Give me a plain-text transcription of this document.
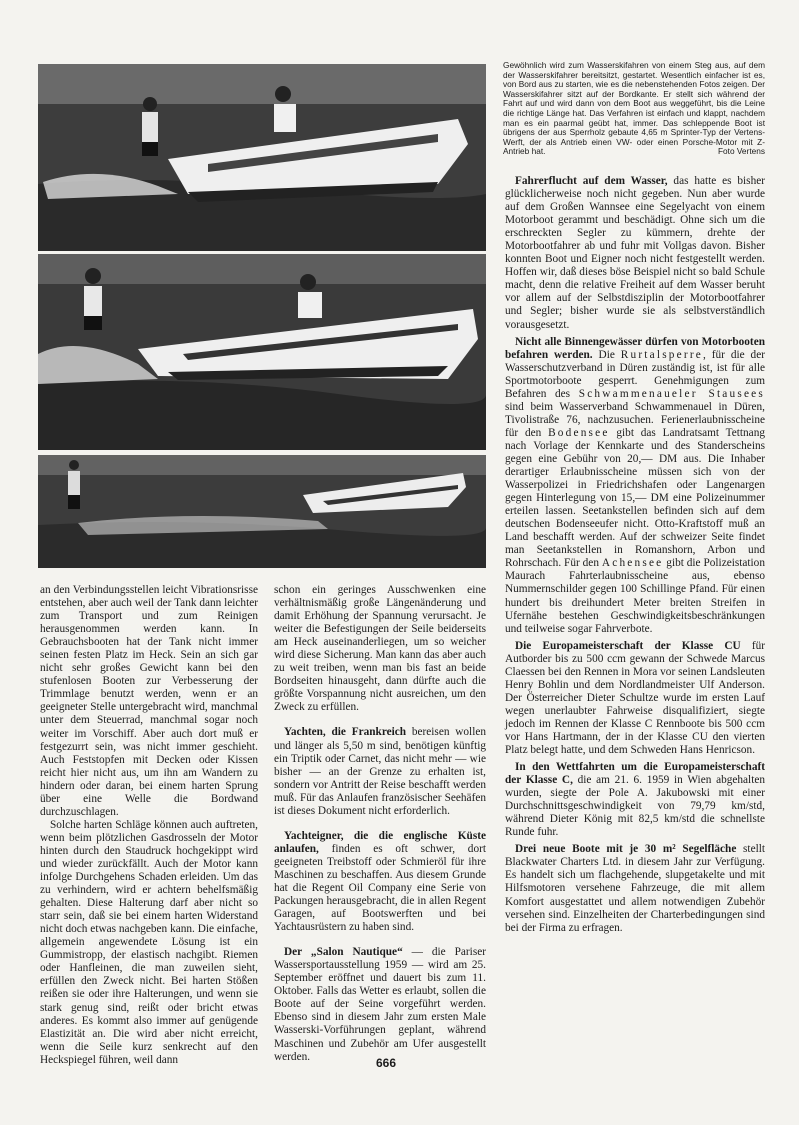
Gewöhnlich wird zum Wasserskifahren von einem Steg aus, auf dem der Wasserskifahrer bereitsitzt, gestartet. Wesentlich einfacher ist es, von Bord aus zu starten, wie es die nebenstehenden Fotos zeigen. Der Wasserskifahrer sitzt auf der Bordkante. Er stellt sich während der Fahrt auf und wird dann von dem Boot aus weggeführt, bis die Leine die richtige Länge hat. Das Verfahren ist einfach und klappt, nachdem man es ein paarmal geübt hat, immer. Das schleppende Boot ist übrigens der aus Sperrholz gebaute 4,65 m Sprinter-Typ der Vertens-Werft, der als Antrieb einen VW- oder einen Porsche-Motor mit Z-Antrieb hat.	Foto Vertens

an den Verbindungsstellen leicht Vibrationsrisse entstehen, aber auch weil der Tank dann leichter zum Transport und zum Reinigen herausgenommen werden kann. In Gebrauchsbooten hat der Tank nicht immer seinen festen Platz im Heck. Sein an sich gar nicht sehr großes Gewicht kann bei den stufenlosen Booten zur Verbesserung der Trimmlage benutzt werden, wenn er an geeigneter Stelle untergebracht wird, manchmal unter dem Steuerrad, manchmal sogar noch weiter im Vorschiff. Aber auch dort muß er festgezurrt sein, was nicht immer geschieht. Auch Feststopfen mit Decken oder Kissen reicht hier nicht aus, um ihn am Wandern zu hindern oder daran, bei einem harten Sprung über eine Welle die Bordwand durchzuschlagen.

Solche harten Schläge können auch auftreten, wenn beim plötzlichen Gasdrosseln der Motor hinten durch den Staudruck hochgekippt wird und wieder zurückfällt. Auch der Motor kann infolge Durchgehens Schaden erleiden. Um das zu verhindern, wird er achtern behelfsmäßig gehalten. Diese Halterung darf aber nicht so starr sein, daß sie bei einem harten Widerstand nicht doch etwas nachgeben kann. Die einfache, allgemein angewendete Lösung ist ein Gummistropp, der elastisch nachgibt. Riemen oder Hanfleinen, die man zuweilen sieht, erfüllen den Zweck nicht. Bei harten Stößen reißen sie oder ihre Halterungen, und wenn sie stark genug sind, reißt oder bricht etwas anderes. Es kommt also immer auf genügende Elastizität an. Die wird aber nicht erreicht, wenn die Seile kurz senkrecht auf den Heckspiegel führen, weil dann

schon ein geringes Ausschwenken eine verhältnismäßig große Längenänderung und damit Erhöhung der Spannung verursacht. Je weiter die Befestigungen der Seile beiderseits am Heck auseinanderliegen, um so weicher wird diese Sicherung. Man kann das aber auch zu weit treiben, wenn man bis fast an beide Bordseiten hinausgeht, dann dürfte auch die größte Vorspannung nicht ausreichen, um den Zweck zu erfüllen.

Yachten, die Frankreich bereisen wollen und länger als 5,50 m sind, benötigen künftig ein Triptik oder Carnet, das nicht mehr — wie bisher — an der Grenze zu erhalten ist, sondern vor Antritt der Reise beschafft werden muß. Für das Anlaufen französischer Seehäfen ist dieses Dokument nicht erforderlich.

Yachteigner, die die englische Küste anlaufen, finden es oft schwer, dort geeigneten Treibstoff oder Schmieröl für ihre Maschinen zu beschaffen. Aus diesem Grunde hat die Regent Oil Company eine Serie von Packungen herausgebracht, die in allen Regent Garagen, auf Bootswerften und bei Yachtausrüstern zu haben sind.

Der „Salon Nautique“ — die Pariser Wassersportausstellung 1959 — wird am 25. September eröffnet und dauert bis zum 11. Oktober. Falls das Wetter es erlaubt, sollen die Boote auf der Seine vorgeführt werden. Ebenso sind in diesem Jahr zum ersten Male Wasserski-Vorführungen geplant, während Maschinen und Zubehör am Ufer ausgestellt werden.

Fahrerflucht auf dem Wasser, das hatte es bisher glücklicherweise noch nicht gegeben. Nun aber wurde auf dem Großen Wannsee eine Segelyacht von einem Motorboot gerammt und beschädigt. Ohne sich um die erschreckten Segler zu kümmern, drehte der Motorbootfahrer ab und fuhr mit Vollgas davon. Bisher konnten Boot und Eigner noch nicht festgestellt werden. Hoffen wir, daß dieses böse Beispiel nicht so bald Schule macht, denn die relative Freiheit auf dem Wasser beruht vor allem auf der Selbstdisziplin der Motorbootfahrer und Segler; bisher wurde sie als selbstverständlich vorausgesetzt.

Nicht alle Binnengewässer dürfen von Motorbooten befahren werden. Die Rurtalsperre, für die der Wasserschutzverband in Düren zuständig ist, ist für alle Sportmotorboote gesperrt. Genehmigungen zum Befahren des Schwammenaueler Stausees sind beim Wasserverband Schwammenauel in Düren, Tivolistraße 76, nachzusuchen. Ferienerlaubnisscheine für den Bodensee gibt das Landratsamt Tettnang nach Vorlage der Kennkarte und des Standerscheins gegen eine Gebühr von 20,— DM aus. Die Inhaber derartiger Erlaubnisscheine müssen sich von der Wasserpolizei in Friedrichshafen oder Langenargen gegen Hinterlegung von 15,— DM eine Polizeinummer erteilen lassen. Seetankstellen befinden sich auf dem deutschen Bodenseeufer nicht. Otto-Kraftstoff muß an Land beschafft werden. Auf der schweizer Seite findet man Seetankstellen in Romanshorn, Arbon und Rohrschach. Für den Achensee gibt die Polizeistation Maurach Fahrterlaubnisscheine aus, ebenso Nummernschilder gegen 100 Schillinge Pfand. Für einen hundert bis dreihundert Meter breiten Streifen in Ufernähe bestehen Geschwindigkeitsbeschränkungen und teilweise sogar Fahrverbote.

Die Europameisterschaft der Klasse CU für Autborder bis zu 500 ccm gewann der Schwede Marcus Claessen bei den Rennen in Mora vor seinen Landsleuten Henry Bohlin und dem Nordlandmeister Ulf Anderson. Der Österreicher Dieter Schultze wurde im ersten Lauf wegen unerlaubter Fahrweise disqualifiziert, siegte jedoch im Rennen der Klasse C Rennboote bis 500 ccm vor Hans Hartmann, der in der Klasse CU den vierten Platz belegt hatte, und dem Schweden Hans Henricson.

In den Wettfahrten um die Europameisterschaft der Klasse C, die am 21. 6. 1959 in Wien abgehalten wurden, siegte der Pole A. Jakubowski mit einer Durchschnittsgeschwindigkeit von 79,79 km/std, während Dieter König mit 82,5 km/std die schnellste Runde fuhr.

Drei neue Boote mit je 30 m² Segelfläche stellt Blackwater Charters Ltd. in diesem Jahr zur Verfügung. Es handelt sich um flachgehende, slupgetakelte und mit Hilfsmotoren versehene Fahrzeuge, die mit allem Komfort ausgestattet und allem notwendigen Zubehör versehen sind. Einzelheiten der Charterbedingungen sind bei der Firma zu erfragen.

666
